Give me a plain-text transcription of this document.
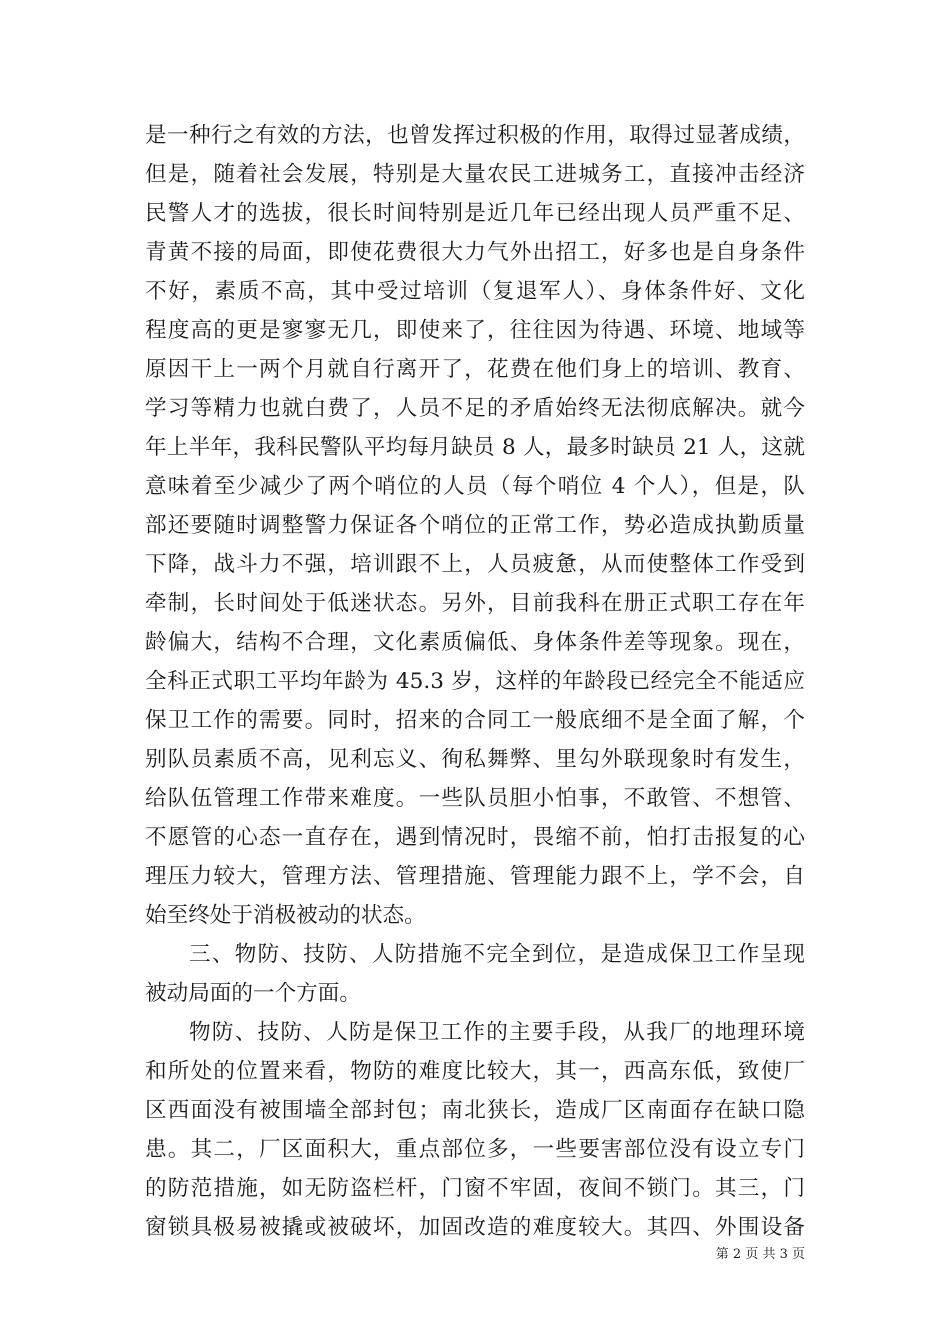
是一种行之有效的方法，也曾发挥过积极的作用，取得过显著成绩，
但是，随着社会发展，特别是大量农民工进城务工，直接冲击经济
民警人才的选拔，很长时间特别是近几年已经出现人员严重不足、
青黄不接的局面，即使花费很大力气外出招工，好多也是自身条件
不好，素质不高，其中受过培训（复退军人）、身体条件好、文化
程度高的更是寥寥无几，即使来了，往往因为待遇、环境、地域等
原因干上一两个月就自行离开了，花费在他们身上的培训、教育、
学习等精力也就白费了，人员不足的矛盾始终无法彻底解决。就今
年上半年，我科民警队平均每月缺员 8 人，最多时缺员 21 人，这就
意味着至少减少了两个哨位的人员（每个哨位 4 个人），但是，队
部还要随时调整警力保证各个哨位的正常工作，势必造成执勤质量
下降，战斗力不强，培训跟不上，人员疲惫，从而使整体工作受到
牵制，长时间处于低迷状态。另外，目前我科在册正式职工存在年
龄偏大，结构不合理，文化素质偏低、身体条件差等现象。现在，
全科正式职工平均年龄为 45.3 岁，这样的年龄段已经完全不能适应
保卫工作的需要。同时，招来的合同工一般底细不是全面了解，个
别队员素质不高，见利忘义、徇私舞弊、里勾外联现象时有发生，
给队伍管理工作带来难度。一些队员胆小怕事，不敢管、不想管、
不愿管的心态一直存在，遇到情况时，畏缩不前，怕打击报复的心
理压力较大，管理方法、管理措施、管理能力跟不上，学不会，自
始至终处于消极被动的状态。
三、物防、技防、人防措施不完全到位，是造成保卫工作呈现
被动局面的一个方面。
物防、技防、人防是保卫工作的主要手段，从我厂的地理环境
和所处的位置来看，物防的难度比较大，其一，西高东低，致使厂
区西面没有被围墙全部封包；南北狭长，造成厂区南面存在缺口隐
患。其二，厂区面积大，重点部位多，一些要害部位没有设立专门
的防范措施，如无防盗栏杆，门窗不牢固，夜间不锁门。其三，门
窗锁具极易被撬或被破坏，加固改造的难度较大。其四、外围设备
第 2 页 共 3 页
